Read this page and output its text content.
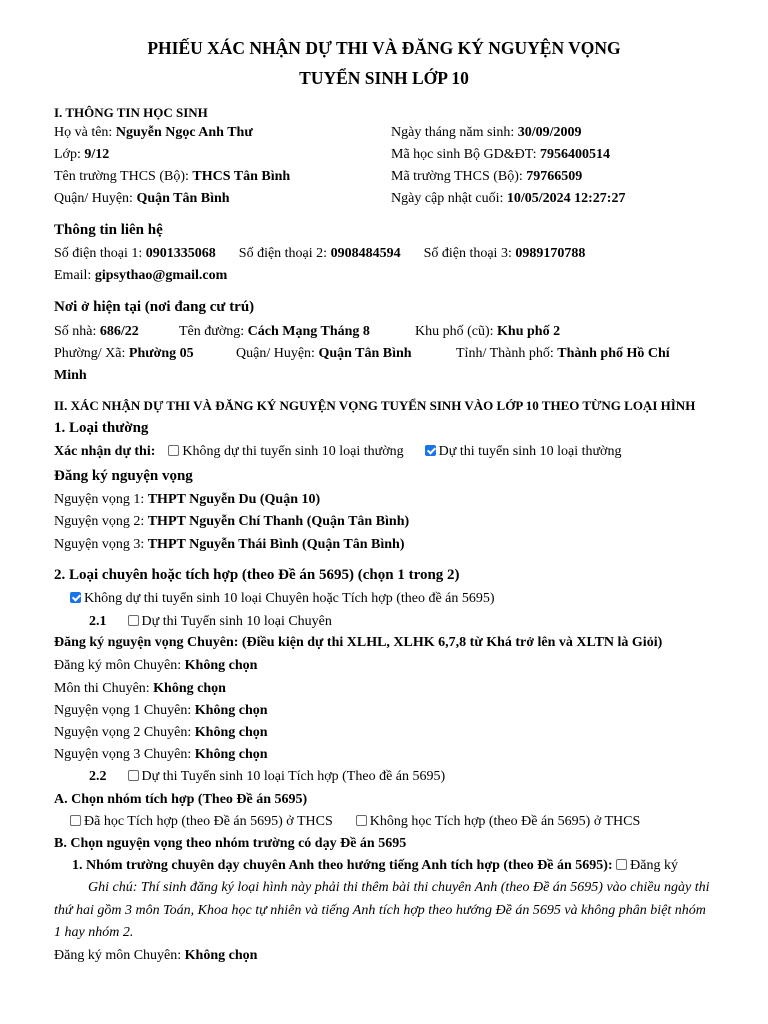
PHIẾU XÁC NHẬN DỰ THI VÀ ĐĂNG KÝ NGUYỆN VỌNG
TUYỂN SINH LỚP 10
I. THÔNG TIN HỌC SINH
Họ và tên: Nguyễn Ngọc Anh Thư	Ngày tháng năm sinh: 30/09/2009
Lớp: 9/12	Mã học sinh Bộ GD&ĐT: 7956400514
Tên trường THCS (Bộ): THCS Tân Bình	Mã trường THCS (Bộ): 79766509
Quận/ Huyện: Quận Tân Bình	Ngày cập nhật cuối: 10/05/2024 12:27:27
Thông tin liên hệ
Số điện thoại 1: 0901335068 Số điện thoại 2: 0908484594 Số điện thoại 3: 0989170788
Email: gipsythao@gmail.com
Nơi ở hiện tại (nơi đang cư trú)
Số nhà: 686/22	Tên đường: Cách Mạng Tháng 8	Khu phố (cũ): Khu phố 2
Phường/ Xã: Phường 05	Quận/ Huyện: Quận Tân Bình	Tỉnh/ Thành phố: Thành phố Hồ Chí
Minh
II. XÁC NHẬN DỰ THI VÀ ĐĂNG KÝ NGUYỆN VỌNG TUYỂN SINH VÀO LỚP 10 THEO TỪNG LOẠI HÌNH
1. Loại thường
Xác nhận dự thi: Không dự thi tuyển sinh 10 loại thường	Dự thi tuyển sinh 10 loại thường
Đăng ký nguyện vọng
Nguyện vọng 1: THPT Nguyễn Du (Quận 10)
Nguyện vọng 2: THPT Nguyễn Chí Thanh (Quận Tân Bình)
Nguyện vọng 3: THPT Nguyễn Thái Bình (Quận Tân Bình)
2. Loại chuyên hoặc tích hợp (theo Đề án 5695) (chọn 1 trong 2)
Không dự thi tuyển sinh 10 loại Chuyên hoặc Tích hợp (theo đề án 5695)
2.1	Dự thi Tuyển sinh 10 loại Chuyên
Đăng ký nguyện vọng Chuyên: (Điều kiện dự thi XLHL, XLHK 6,7,8 từ Khá trở lên và XLTN là Giỏi)
Đăng ký môn Chuyên: Không chọn
Môn thi Chuyên: Không chọn
Nguyện vọng 1 Chuyên: Không chọn
Nguyện vọng 2 Chuyên: Không chọn
Nguyện vọng 3 Chuyên: Không chọn
2.2	Dự thi Tuyển sinh 10 loại Tích hợp (Theo đề án 5695)
A. Chọn nhóm tích hợp (Theo Đề án 5695)
Đã học Tích hợp (theo Đề án 5695) ở THCS	Không học Tích hợp (theo Đề án 5695) ở THCS
B. Chọn nguyện vọng theo nhóm trường có dạy Đề án 5695
1. Nhóm trường chuyên dạy chuyên Anh theo hướng tiếng Anh tích hợp (theo Đề án 5695): Đăng ký
Ghi chú: Thí sinh đăng ký loại hình này phải thi thêm bài thi chuyên Anh (theo Đề án 5695) vào chiều ngày thi thứ hai gồm 3 môn Toán, Khoa học tự nhiên và tiếng Anh tích hợp theo hướng Đề án 5695 và không phân biệt nhóm 1 hay nhóm 2.
Đăng ký môn Chuyên: Không chọn
